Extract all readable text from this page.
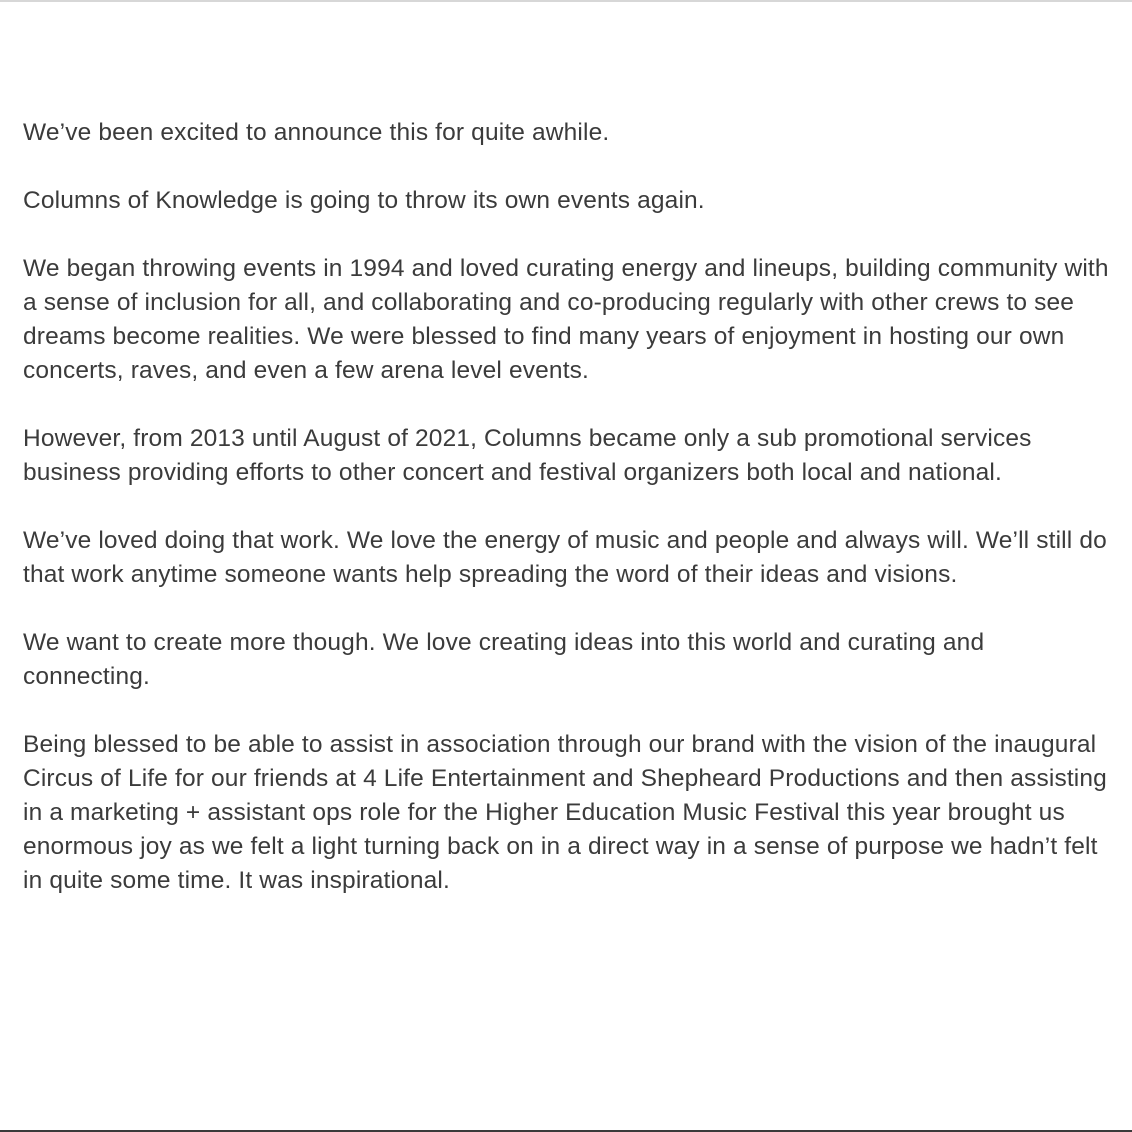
We’ve been excited to announce this for quite awhile.

Columns of Knowledge is going to throw its own events again.

We began throwing events in 1994 and loved curating energy and lineups, building community with a sense of inclusion for all, and collaborating and co-producing regularly with other crews to see dreams become realities. We were blessed to find many years of enjoyment in hosting our own concerts, raves, and even a few arena level events.

However, from 2013 until August of 2021, Columns became only a sub promotional services business providing efforts to other concert and festival organizers both local and national.

We’ve loved doing that work. We love the energy of music and people and always will. We’ll still do that work anytime someone wants help spreading the word of their ideas and visions.

We want to create more though. We love creating ideas into this world and curating and connecting.

Being blessed to be able to assist in association through our brand with the vision of the inaugural Circus of Life for our friends at 4 Life Entertainment and Shepheard Productions and then assisting in a marketing + assistant ops role for the Higher Education Music Festival this year brought us enormous joy as we felt a light turning back on in a direct way in a sense of purpose we hadn’t felt in quite some time. It was inspirational.
